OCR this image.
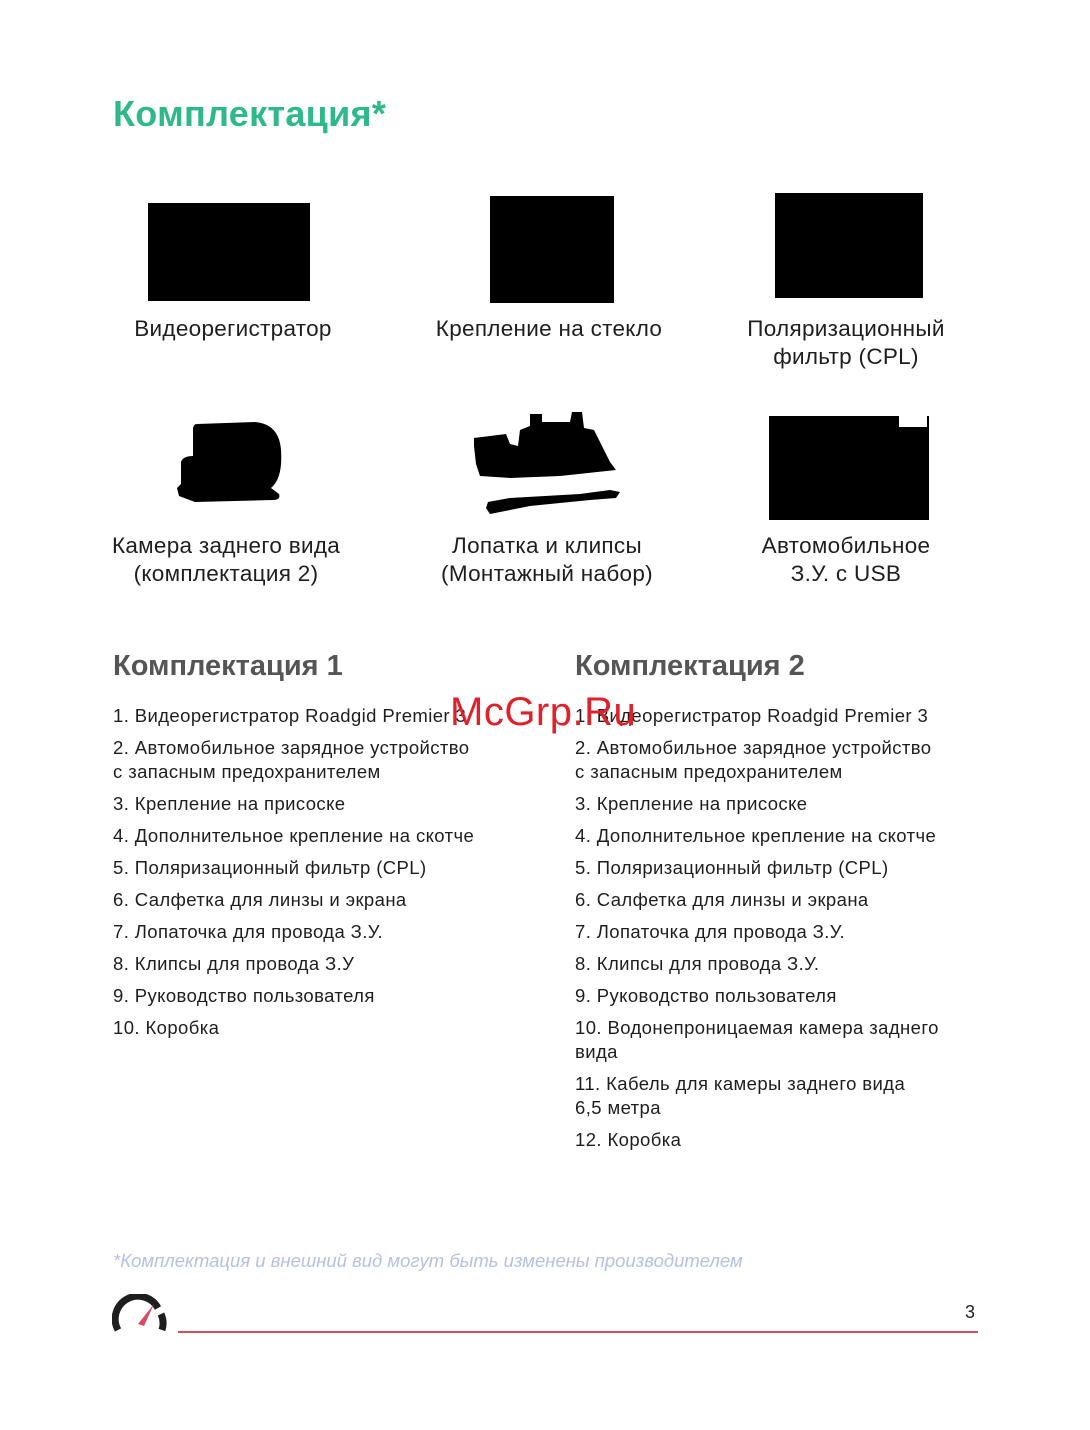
Комплектация*
Видеорегистратор	Крепление на стекло	Поляризационный
фильтр (CPL)
Камера заднего вида
(комплектация 2)
Лопатка и клипсы
(Монтажный набор)
Автомобильное
З.У. с USB
Комплектация 1	Комплектация 2
1. Видеорегистратор Roadgid Premier 3
2. Автомобильное зарядное устройство
с запасным предохранителем
3. Крепление на присоске
4. Дополнительное крепление на скотче
5. Поляризационный фильтр (CPL)
6. Салфетка для линзы и экрана
7. Лопаточка для провода З.У.
8. Клипсы для провода З.У
9. Руководство пользователя
10. Коробка
1. Видеорегистратор Roadgid Premier 3
2. Автомобильное зарядное устройство
с запасным предохранителем
3. Крепление на присоске
4. Дополнительное крепление на скотче
5. Поляризационный фильтр (CPL)
6. Салфетка для линзы и экрана
7. Лопаточка для провода З.У.
8. Клипсы для провода З.У.
9. Руководство пользователя
10. Водонепроницаемая камера заднего
вида
11. Кабель для камеры заднего вида
6,5 метра
12. Коробка
McGrp.Ru
*Комплектация и внешний вид могут быть изменены производителем
3
